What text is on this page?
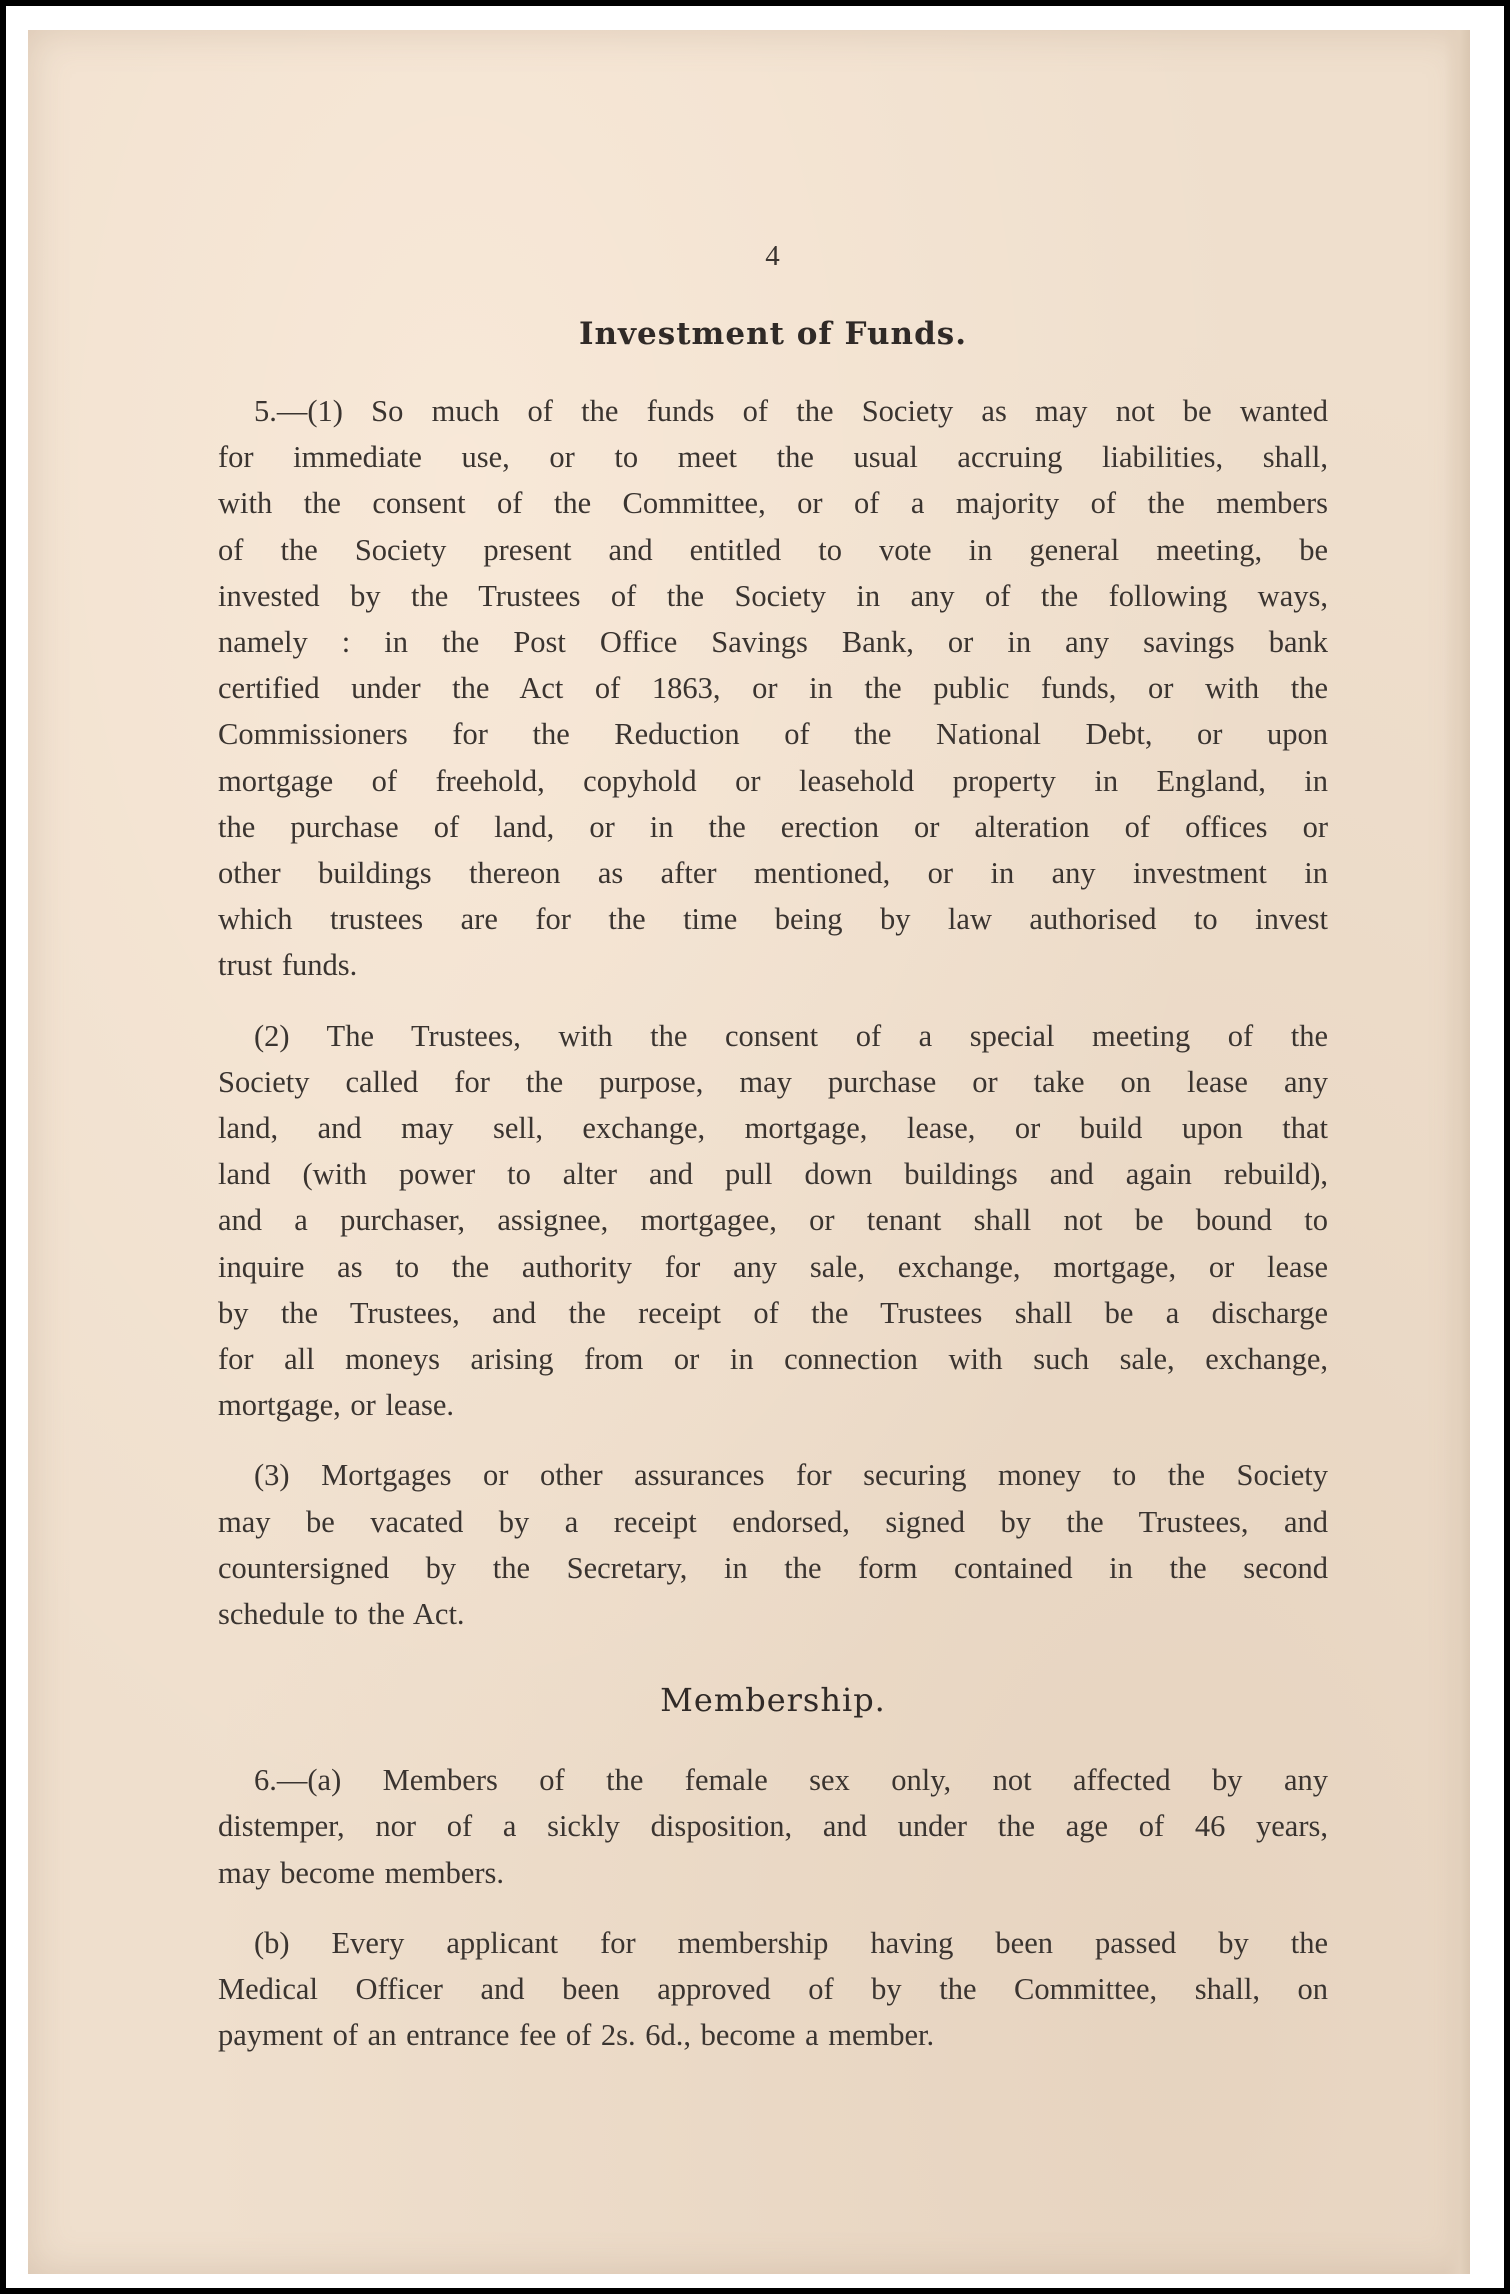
4
Investment of Funds.
5.—(1) So much of the funds of the Society as may not be wanted
for immediate use, or to meet the usual accruing liabilities, shall,
with the consent of the Committee, or of a majority of the members
of the Society present and entitled to vote in general meeting, be
invested by the Trustees of the Society in any of the following ways,
namely : in the Post Office Savings Bank, or in any savings bank
certified under the Act of 1863, or in the public funds, or with the
Commissioners for the Reduction of the National Debt, or upon
mortgage of freehold, copyhold or leasehold property in England, in
the purchase of land, or in the erection or alteration of offices or
other buildings thereon as after mentioned, or in any investment in
which trustees are for the time being by law authorised to invest
trust funds.
(2) The Trustees, with the consent of a special meeting of the
Society called for the purpose, may purchase or take on lease any
land, and may sell, exchange, mortgage, lease, or build upon that
land (with power to alter and pull down buildings and again rebuild),
and a purchaser, assignee, mortgagee, or tenant shall not be bound to
inquire as to the authority for any sale, exchange, mortgage, or lease
by the Trustees, and the receipt of the Trustees shall be a discharge
for all moneys arising from or in connection with such sale, exchange,
mortgage, or lease.
(3) Mortgages or other assurances for securing money to the Society
may be vacated by a receipt endorsed, signed by the Trustees, and
countersigned by the Secretary, in the form contained in the second
schedule to the Act.
Membership.
6.—(a) Members of the female sex only, not affected by any
distemper, nor of a sickly disposition, and under the age of 46 years,
may become members.
(b) Every applicant for membership having been passed by the
Medical Officer and been approved of by the Committee, shall, on
payment of an entrance fee of 2s. 6d., become a member.
